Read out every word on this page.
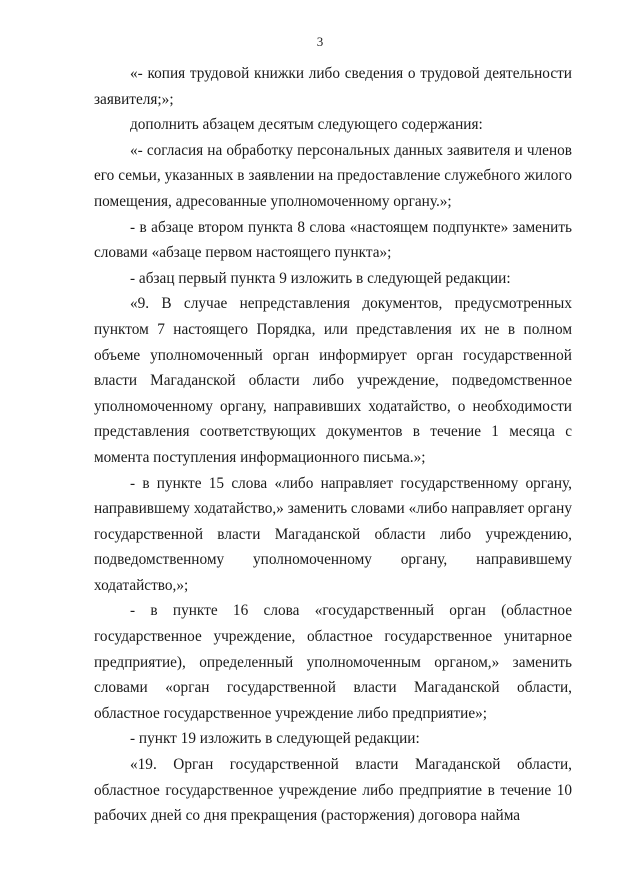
3

«- копия трудовой книжки либо сведения о трудовой деятельности заявителя;»;

дополнить абзацем десятым следующего содержания:

«- согласия на обработку персональных данных заявителя и членов его семьи, указанных в заявлении на предоставление служебного жилого помещения, адресованные уполномоченному органу.»;

- в абзаце втором пункта 8 слова «настоящем подпункте» заменить словами «абзаце первом настоящего пункта»;

- абзац первый пункта 9 изложить в следующей редакции:

«9. В случае непредставления документов, предусмотренных пунктом 7 настоящего Порядка, или представления их не в полном объеме уполномоченный орган информирует орган государственной власти Магаданской области либо учреждение, подведомственное уполномоченному органу, направивших ходатайство, о необходимости представления соответствующих документов в течение 1 месяца с момента поступления информационного письма.»;

- в пункте 15 слова «либо направляет государственному органу, направившему ходатайство,» заменить словами «либо направляет органу государственной власти Магаданской области либо учреждению, подведомственному уполномоченному органу, направившему ходатайство,»;

- в пункте 16 слова «государственный орган (областное государственное учреждение, областное государственное унитарное предприятие), определенный уполномоченным органом,» заменить словами «орган государственной власти Магаданской области, областное государственное учреждение либо предприятие»;

- пункт 19 изложить в следующей редакции:

«19. Орган государственной власти Магаданской области, областное государственное учреждение либо предприятие в течение 10 рабочих дней со дня прекращения (расторжения) договора найма
